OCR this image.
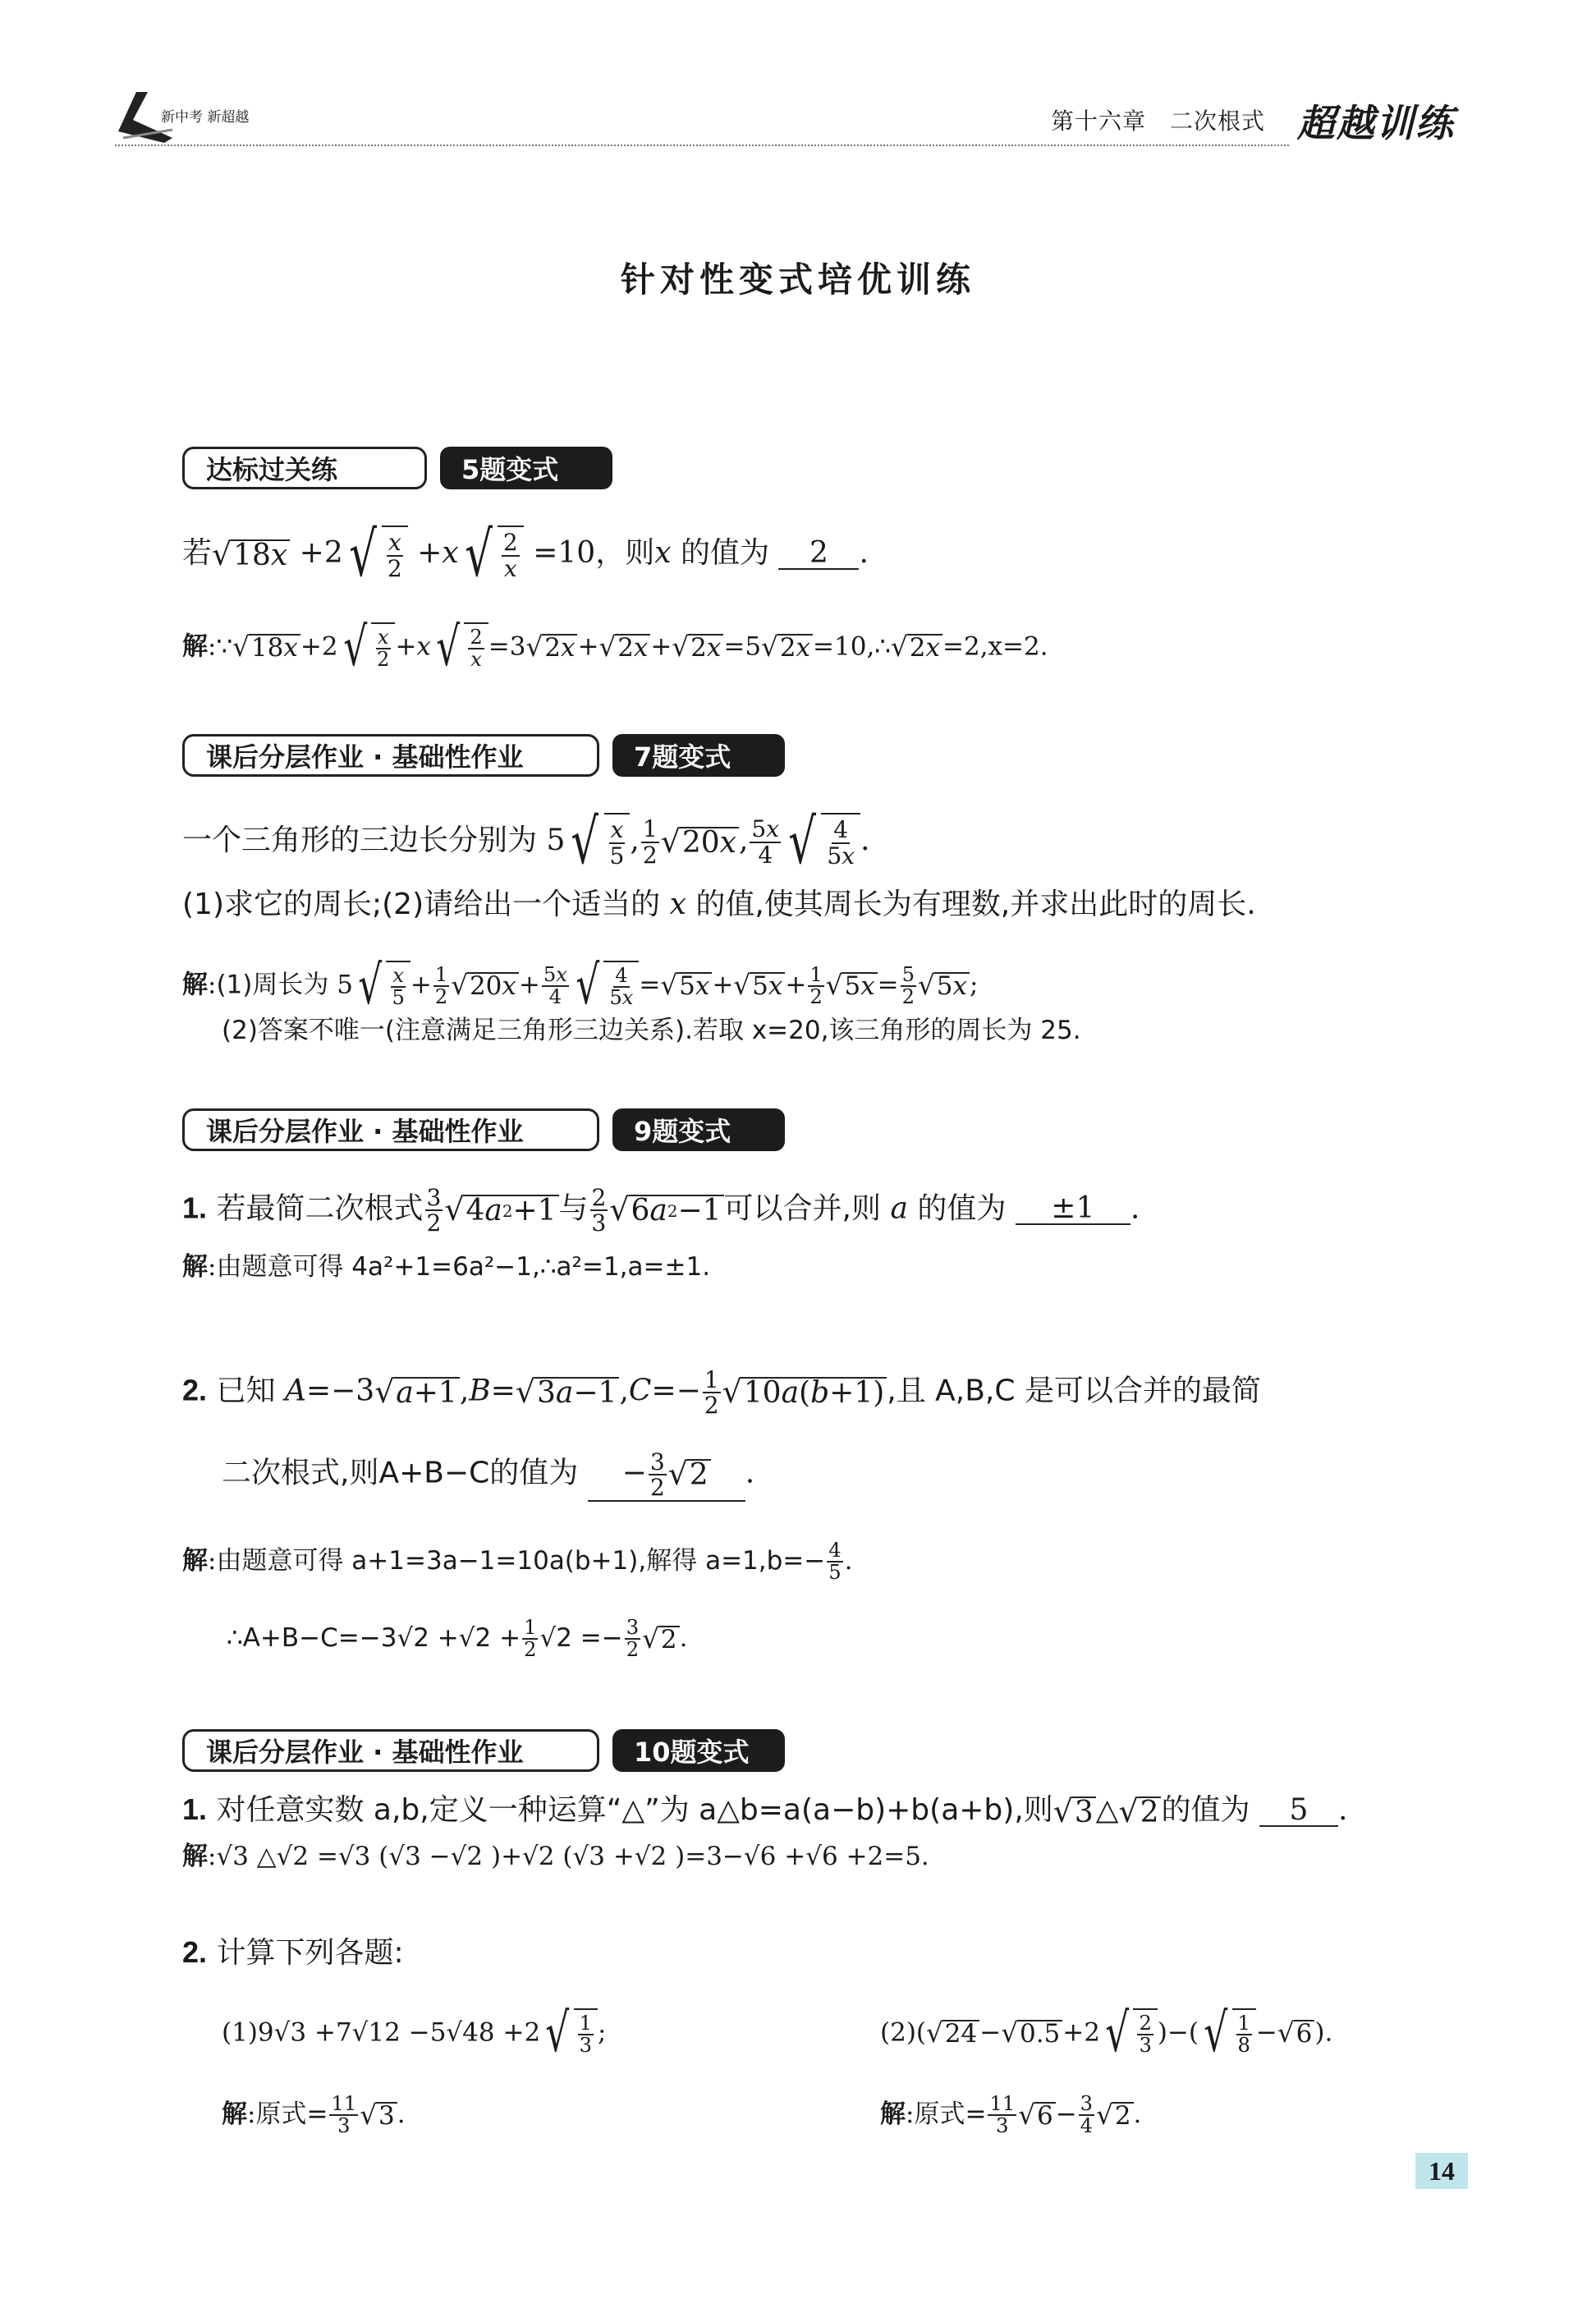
新中考 新超越	第十六章　二次根式 超越训练
针对性变式培优训练
达标过关练	5题变式
若 √ 18 x +2 √ x
2 +x √ 2
x =10，则x 的值为 2 .
解:∵ √ 18 x +2 √ x
2 +x √ 2
x =3 √ 2 x + √ 2 x + √ 2 x =5 √ 2 x =10,∴ √ 2 x =2,x=2.
课后分层作业 · 基础性作业	7题变式
一个三角形的三边长分别为 5 √ x
5 , $\frac{1}{2}$ √ 20 x , $\frac{5x}{4}$ √ 4
5x .
(1)求它的周长;(2)请给出一个适当的 x 的值,使其周长为有理数,并求出此时的周长.
解:(1)周长为 5 √ x
$5 + \frac{1}{2}$ √ 20 $x + \frac{5x}{4}$ √ 4
5x = √ 5 x + √ 5 $x + \frac{1}{2}$ √ 5 $x = \frac{5}{2}$ √ 5 x ;
(2)答案不唯一(注意满足三角形三边关系).若取 x=20,该三角形的周长为 25.
课后分层作业 · 基础性作业	9题变式
1. 若最简二次根式 $\frac{3}{2}$ √ 4 a 2 +1 与 $\frac{2}{3}$ √ 6 a 2 −1 可以合并,则 a 的值为 ±1 .
解:由题意可得 4a²+1=6a²−1,∴a²=1,a=±1.
2. 已知 A=−3 √ a +1 ,B= √ 3 a −1 $,C=- \frac{1}{2}$ √ 10 a ( b +1) ,且 A,B,C 是可以合并的最简
二次根式,则A+B−C的值为 − $\frac{3}{2}$ √ 2 .
解:由题意可得 a+1=3a−1=10a(b+1),解得 $a=1,b=- \frac{4}{5}$ .
∴A+B−C=−3√2 $+√2 + \frac{1}{2} √2 =- \frac{3}{2}$ √ 2 .
课后分层作业 · 基础性作业	10题变式
1. 对任意实数 a,b,定义一种运算“△”为 a△b=a(a−b)+b(a+b),则 √ 3 △ √ 2 的值为 5 .
解:√3 △√2 =√3 (√3 −√2 )+√2 (√3 +√2 )=3−√6 +√6 +2=5.
2. 计算下列各题:
(1)9√3 +7√12 −5√48 +2 √ 1
3 ;	(2)( √ 24 − √ 0.5 +2 √ 2
3 )−( √ 1
8 − √ 6 ).
解:原式= $\frac{11}{3}$ √ 3 .	解:原式= $\frac{11}{3}$ √ $6 - \frac{3}{4}$ √ 2 .
14
